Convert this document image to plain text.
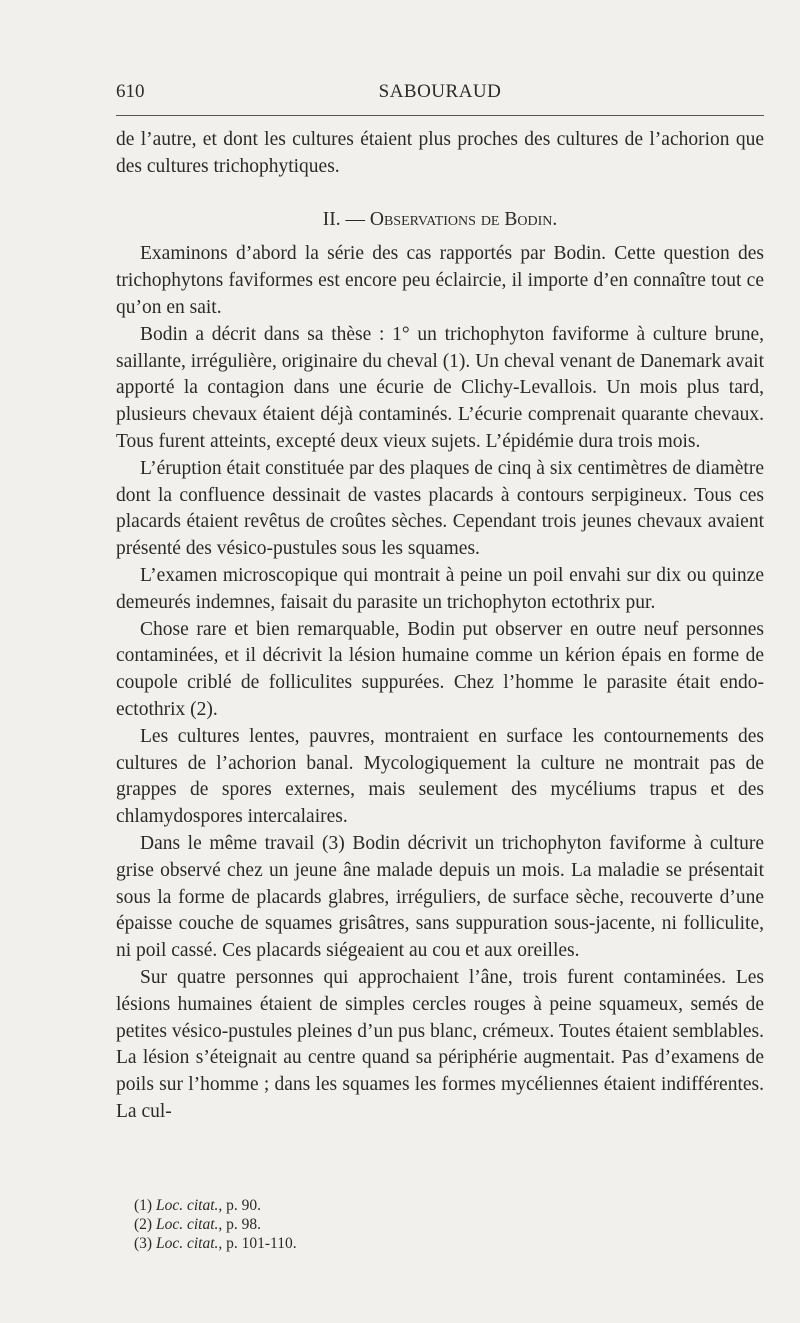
610	SABOURAUD

de l’autre, et dont les cultures étaient plus proches des cultures de l’achorion que des cultures trichophytiques.

II. — Observations de Bodin.

Examinons d’abord la série des cas rapportés par Bodin. Cette question des trichophytons faviformes est encore peu éclaircie, il importe d’en connaître tout ce qu’on en sait.

Bodin a décrit dans sa thèse : 1° un trichophyton faviforme à culture brune, saillante, irrégulière, originaire du cheval (1). Un cheval venant de Danemark avait apporté la contagion dans une écurie de Clichy-Levallois. Un mois plus tard, plusieurs chevaux étaient déjà contaminés. L’écurie comprenait quarante chevaux. Tous furent atteints, excepté deux vieux sujets. L’épidémie dura trois mois.

L’éruption était constituée par des plaques de cinq à six centimètres de diamètre dont la confluence dessinait de vastes placards à contours serpigineux. Tous ces placards étaient revêtus de croûtes sèches. Cependant trois jeunes chevaux avaient présenté des vésico-pustules sous les squames.

L’examen microscopique qui montrait à peine un poil envahi sur dix ou quinze demeurés indemnes, faisait du parasite un trichophyton ectothrix pur.

Chose rare et bien remarquable, Bodin put observer en outre neuf personnes contaminées, et il décrivit la lésion humaine comme un kérion épais en forme de coupole criblé de folliculites suppurées. Chez l’homme le parasite était endo-ectothrix (2).

Les cultures lentes, pauvres, montraient en surface les contournements des cultures de l’achorion banal. Mycologiquement la culture ne montrait pas de grappes de spores externes, mais seulement des mycéliums trapus et des chlamydospores intercalaires.

Dans le même travail (3) Bodin décrivit un trichophyton faviforme à culture grise observé chez un jeune âne malade depuis un mois. La maladie se présentait sous la forme de placards glabres, irréguliers, de surface sèche, recouverte d’une épaisse couche de squames grisâtres, sans suppuration sous-jacente, ni folliculite, ni poil cassé. Ces placards siégeaient au cou et aux oreilles.

Sur quatre personnes qui approchaient l’âne, trois furent contaminées. Les lésions humaines étaient de simples cercles rouges à peine squameux, semés de petites vésico-pustules pleines d’un pus blanc, crémeux. Toutes étaient semblables. La lésion s’éteignait au centre quand sa périphérie augmentait. Pas d’examens de poils sur l’homme ; dans les squames les formes mycéliennes étaient indifférentes. La cul-

(1) Loc. citat., p. 90.
(2) Loc. citat., p. 98.
(3) Loc. citat., p. 101-110.
